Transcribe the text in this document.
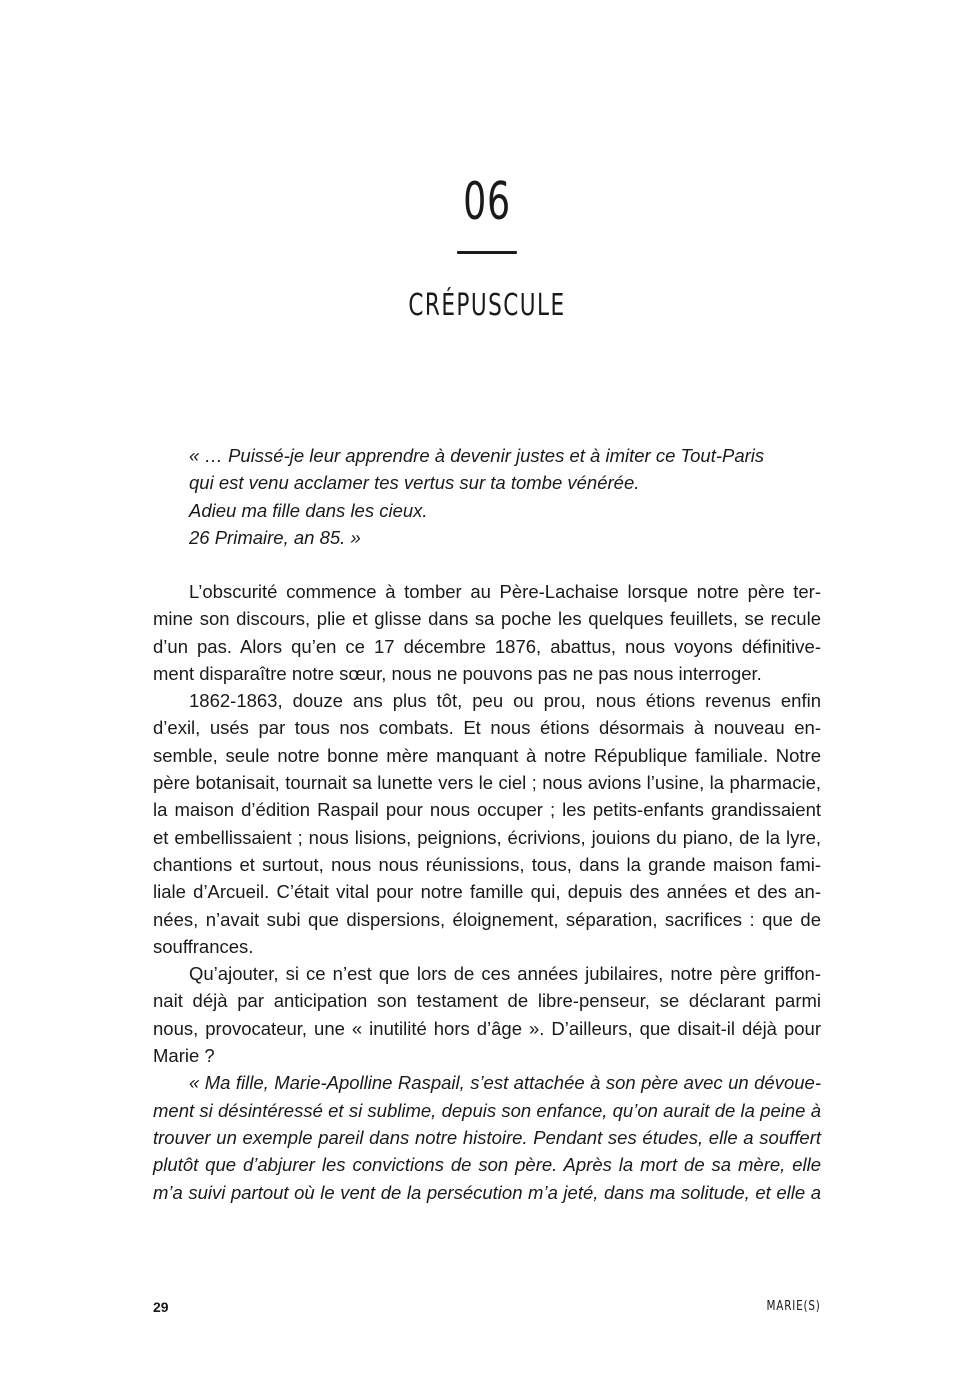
06
CRÉPUSCULE
« … Puissé-je leur apprendre à devenir justes et à imiter ce Tout-Paris
qui est venu acclamer tes vertus sur ta tombe vénérée.
Adieu ma fille dans les cieux.
26 Primaire, an 85. »
L’obscurité commence à tomber au Père-Lachaise lorsque notre père ter-
mine son discours, plie et glisse dans sa poche les quelques feuillets, se recule
d’un pas. Alors qu’en ce 17 décembre 1876, abattus, nous voyons définitive-
ment disparaître notre sœur, nous ne pouvons pas ne pas nous interroger.
1862-1863, douze ans plus tôt, peu ou prou, nous étions revenus enfin
d’exil, usés par tous nos combats. Et nous étions désormais à nouveau en-
semble, seule notre bonne mère manquant à notre République familiale. Notre
père botanisait, tournait sa lunette vers le ciel ; nous avions l’usine, la pharmacie,
la maison d’édition Raspail pour nous occuper ; les petits-enfants grandissaient
et embellissaient ; nous lisions, peignions, écrivions, jouions du piano, de la lyre,
chantions et surtout, nous nous réunissions, tous, dans la grande maison fami-
liale d’Arcueil. C’était vital pour notre famille qui, depuis des années et des an-
nées, n’avait subi que dispersions, éloignement, séparation, sacrifices : que de
souffrances.
Qu’ajouter, si ce n’est que lors de ces années jubilaires, notre père griffon-
nait déjà par anticipation son testament de libre-penseur, se déclarant parmi
nous, provocateur, une « inutilité hors d’âge ». D’ailleurs, que disait-il déjà pour
Marie ?
« Ma fille, Marie-Apolline Raspail, s’est attachée à son père avec un dévoue-
ment si désintéressé et si sublime, depuis son enfance, qu’on aurait de la peine à
trouver un exemple pareil dans notre histoire. Pendant ses études, elle a souffert
plutôt que d’abjurer les convictions de son père. Après la mort de sa mère, elle
m’a suivi partout où le vent de la persécution m’a jeté, dans ma solitude, et elle a
29	MARIE(S)
